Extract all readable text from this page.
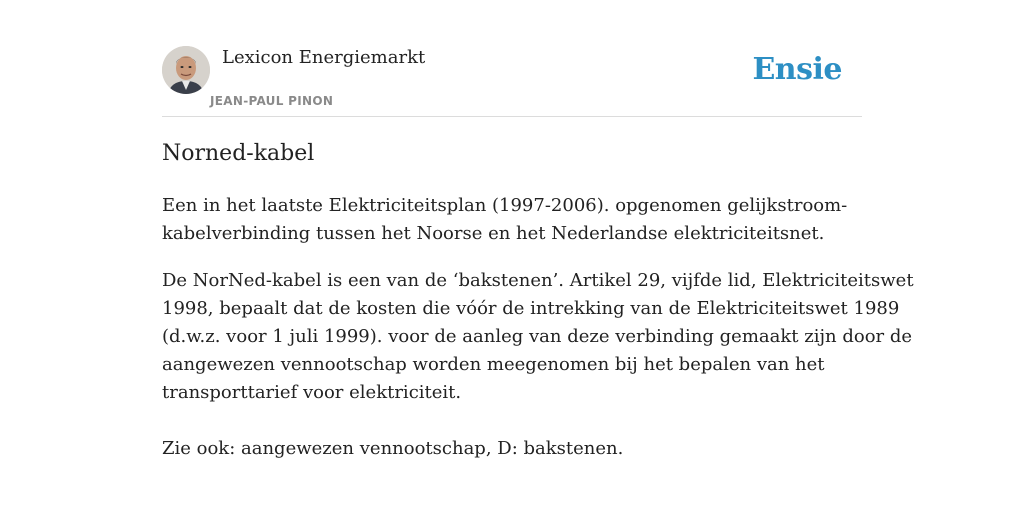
Lexicon Energiemarkt
JEAN-PAUL PINON
Ensie
Norned-kabel

Een in het laatste Elektriciteitsplan (1997-2006). opgenomen gelijkstroom-
kabelverbinding tussen het Noorse en het Nederlandse elektriciteitsnet.

De NorNed-kabel is een van de ‘bakstenen’. Artikel 29, vijfde lid, Elektriciteitswet
1998, bepaalt dat de kosten die vóór de intrekking van de Elektriciteitswet 1989
(d.w.z. voor 1 juli 1999). voor de aanleg van deze verbinding gemaakt zijn door de
aangewezen vennootschap worden meegenomen bij het bepalen van het
transporttarief voor elektriciteit.

Zie ook: aangewezen vennootschap, D: bakstenen.
